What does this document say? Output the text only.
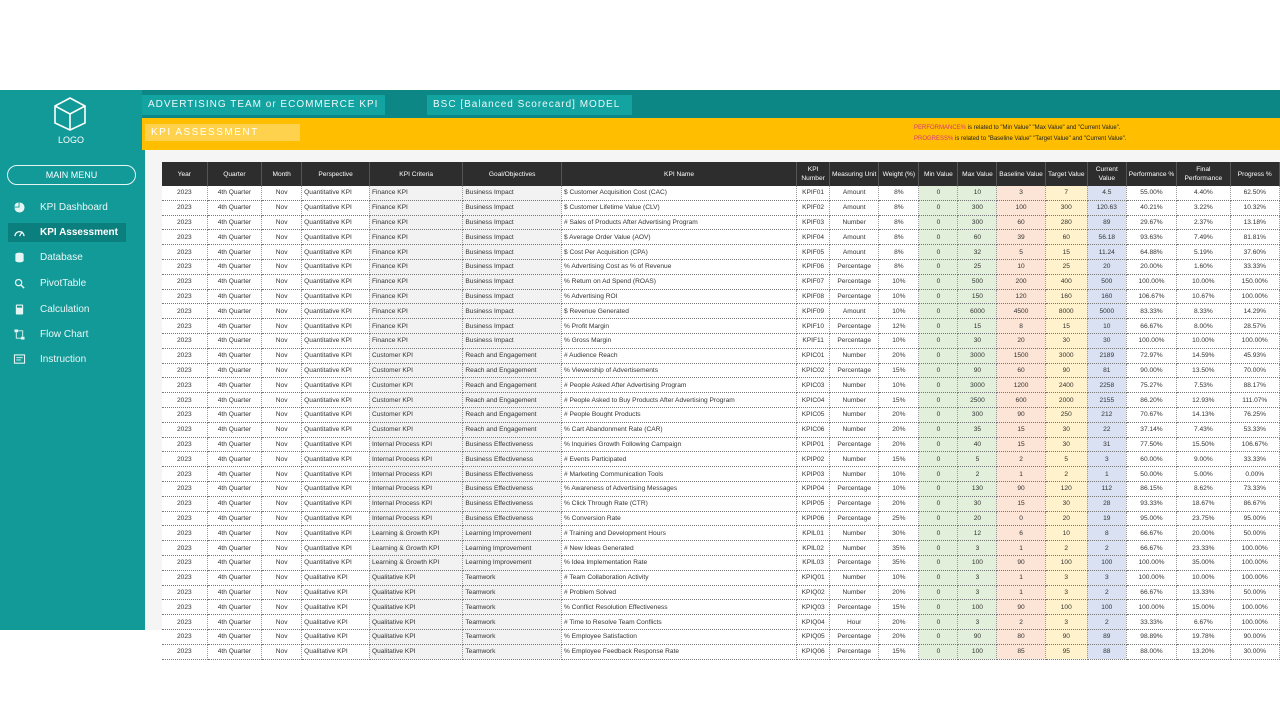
LOGO
MAIN MENU
KPI Dashboard
KPI Assessment
Database
PivotTable
Calculation
Flow Chart
Instruction
ADVERTISING TEAM or ECOMMERCE KPI	BSC [Balanced Scorecard] MODEL
KPI ASSESSMENT	PERFORMANCE% is related to "Min Value" "Max Value" and "Current Value".
PROGRESS% is related to "Baseline Value" "Target Value" and "Current Value".
Year	Quarter	Month	Perspective	KPI Criteria	Goal/Objectives	KPI Name	KPI Number	Measuring Unit	Weight (%)	Min Value	Max Value	Baseline Value	Target Value	Current Value	Performance %	Final Performance	Progress %
2023	4th Quarter	Nov	Quantitative KPI	Finance KPI	Business Impact	$ Customer Acquisition Cost (CAC)	KPIF01	Amount	8%	0	10	3	7	4.5	55.00%	4.40%	62.50%
2023	4th Quarter	Nov	Quantitative KPI	Finance KPI	Business Impact	$ Customer Lifetime Value (CLV)	KPIF02	Amount	8%	0	300	100	300	120.63	40.21%	3.22%	10.32%
2023	4th Quarter	Nov	Quantitative KPI	Finance KPI	Business Impact	# Sales of Products After Advertising Program	KPIF03	Number	8%	0	300	60	280	89	29.67%	2.37%	13.18%
2023	4th Quarter	Nov	Quantitative KPI	Finance KPI	Business Impact	$ Average Order Value (AOV)	KPIF04	Amount	8%	0	60	39	60	56.18	93.63%	7.49%	81.81%
2023	4th Quarter	Nov	Quantitative KPI	Finance KPI	Business Impact	$ Cost Per Acquisition (CPA)	KPIF05	Amount	8%	0	32	5	15	11.24	64.88%	5.19%	37.60%
2023	4th Quarter	Nov	Quantitative KPI	Finance KPI	Business Impact	% Advertising Cost as % of Revenue	KPIF06	Percentage	8%	0	25	10	25	20	20.00%	1.60%	33.33%
2023	4th Quarter	Nov	Quantitative KPI	Finance KPI	Business Impact	% Return on Ad Spend (ROAS)	KPIF07	Percentage	10%	0	500	200	400	500	100.00%	10.00%	150.00%
2023	4th Quarter	Nov	Quantitative KPI	Finance KPI	Business Impact	% Advertising ROI	KPIF08	Percentage	10%	0	150	120	160	160	106.67%	10.67%	100.00%
2023	4th Quarter	Nov	Quantitative KPI	Finance KPI	Business Impact	$ Revenue Generated	KPIF09	Amount	10%	0	6000	4500	8000	5000	83.33%	8.33%	14.29%
2023	4th Quarter	Nov	Quantitative KPI	Finance KPI	Business Impact	% Profit Margin	KPIF10	Percentage	12%	0	15	8	15	10	66.67%	8.00%	28.57%
2023	4th Quarter	Nov	Quantitative KPI	Finance KPI	Business Impact	% Gross Margin	KPIF11	Percentage	10%	0	30	20	30	30	100.00%	10.00%	100.00%
2023	4th Quarter	Nov	Quantitative KPI	Customer KPI	Reach and Engagement	# Audience Reach	KPIC01	Number	20%	0	3000	1500	3000	2189	72.97%	14.59%	45.93%
2023	4th Quarter	Nov	Quantitative KPI	Customer KPI	Reach and Engagement	% Viewership of Advertisements	KPIC02	Percentage	15%	0	90	60	90	81	90.00%	13.50%	70.00%
2023	4th Quarter	Nov	Quantitative KPI	Customer KPI	Reach and Engagement	# People Asked After Advertising Program	KPIC03	Number	10%	0	3000	1200	2400	2258	75.27%	7.53%	88.17%
2023	4th Quarter	Nov	Quantitative KPI	Customer KPI	Reach and Engagement	# People Asked to Buy Products After Advertising Program	KPIC04	Number	15%	0	2500	600	2000	2155	86.20%	12.93%	111.07%
2023	4th Quarter	Nov	Quantitative KPI	Customer KPI	Reach and Engagement	# People Bought Products	KPIC05	Number	20%	0	300	90	250	212	70.67%	14.13%	76.25%
2023	4th Quarter	Nov	Quantitative KPI	Customer KPI	Reach and Engagement	% Cart Abandonment Rate (CAR)	KPIC06	Number	20%	0	35	15	30	22	37.14%	7.43%	53.33%
2023	4th Quarter	Nov	Quantitative KPI	Internal Process KPI	Business Effectiveness	% Inquiries Growth Following Campaign	KPIP01	Percentage	20%	0	40	15	30	31	77.50%	15.50%	106.67%
2023	4th Quarter	Nov	Quantitative KPI	Internal Process KPI	Business Effectiveness	# Events Participated	KPIP02	Number	15%	0	5	2	5	3	60.00%	9.00%	33.33%
2023	4th Quarter	Nov	Quantitative KPI	Internal Process KPI	Business Effectiveness	# Marketing Communication Tools	KPIP03	Number	10%	0	2	1	2	1	50.00%	5.00%	0.00%
2023	4th Quarter	Nov	Quantitative KPI	Internal Process KPI	Business Effectiveness	% Awareness of Advertising Messages	KPIP04	Percentage	10%	0	130	90	120	112	86.15%	8.62%	73.33%
2023	4th Quarter	Nov	Quantitative KPI	Internal Process KPI	Business Effectiveness	% Click Through Rate (CTR)	KPIP05	Percentage	20%	0	30	15	30	28	93.33%	18.67%	86.67%
2023	4th Quarter	Nov	Quantitative KPI	Internal Process KPI	Business Effectiveness	% Conversion Rate	KPIP06	Percentage	25%	0	20	0	20	19	95.00%	23.75%	95.00%
2023	4th Quarter	Nov	Quantitative KPI	Learning & Growth KPI	Learning Improvement	# Training and Development Hours	KPIL01	Number	30%	0	12	6	10	8	66.67%	20.00%	50.00%
2023	4th Quarter	Nov	Quantitative KPI	Learning & Growth KPI	Learning Improvement	# New Ideas Generated	KPIL02	Number	35%	0	3	1	2	2	66.67%	23.33%	100.00%
2023	4th Quarter	Nov	Quantitative KPI	Learning & Growth KPI	Learning Improvement	% Idea Implementation Rate	KPIL03	Percentage	35%	0	100	90	100	100	100.00%	35.00%	100.00%
2023	4th Quarter	Nov	Qualitative KPI	Qualitative KPI	Teamwork	# Team Collaboration Activity	KPIQ01	Number	10%	0	3	1	3	3	100.00%	10.00%	100.00%
2023	4th Quarter	Nov	Qualitative KPI	Qualitative KPI	Teamwork	# Problem Solved	KPIQ02	Number	20%	0	3	1	3	2	66.67%	13.33%	50.00%
2023	4th Quarter	Nov	Qualitative KPI	Qualitative KPI	Teamwork	% Conflict Resolution Effectiveness	KPIQ03	Percentage	15%	0	100	90	100	100	100.00%	15.00%	100.00%
2023	4th Quarter	Nov	Qualitative KPI	Qualitative KPI	Teamwork	# Time to Resolve Team Conflicts	KPIQ04	Hour	20%	0	3	2	3	2	33.33%	6.67%	100.00%
2023	4th Quarter	Nov	Qualitative KPI	Qualitative KPI	Teamwork	% Employee Satisfaction	KPIQ05	Percentage	20%	0	90	80	90	89	98.89%	19.78%	90.00%
2023	4th Quarter	Nov	Qualitative KPI	Qualitative KPI	Teamwork	% Employee Feedback Response Rate	KPIQ06	Percentage	15%	0	100	85	95	88	88.00%	13.20%	30.00%
